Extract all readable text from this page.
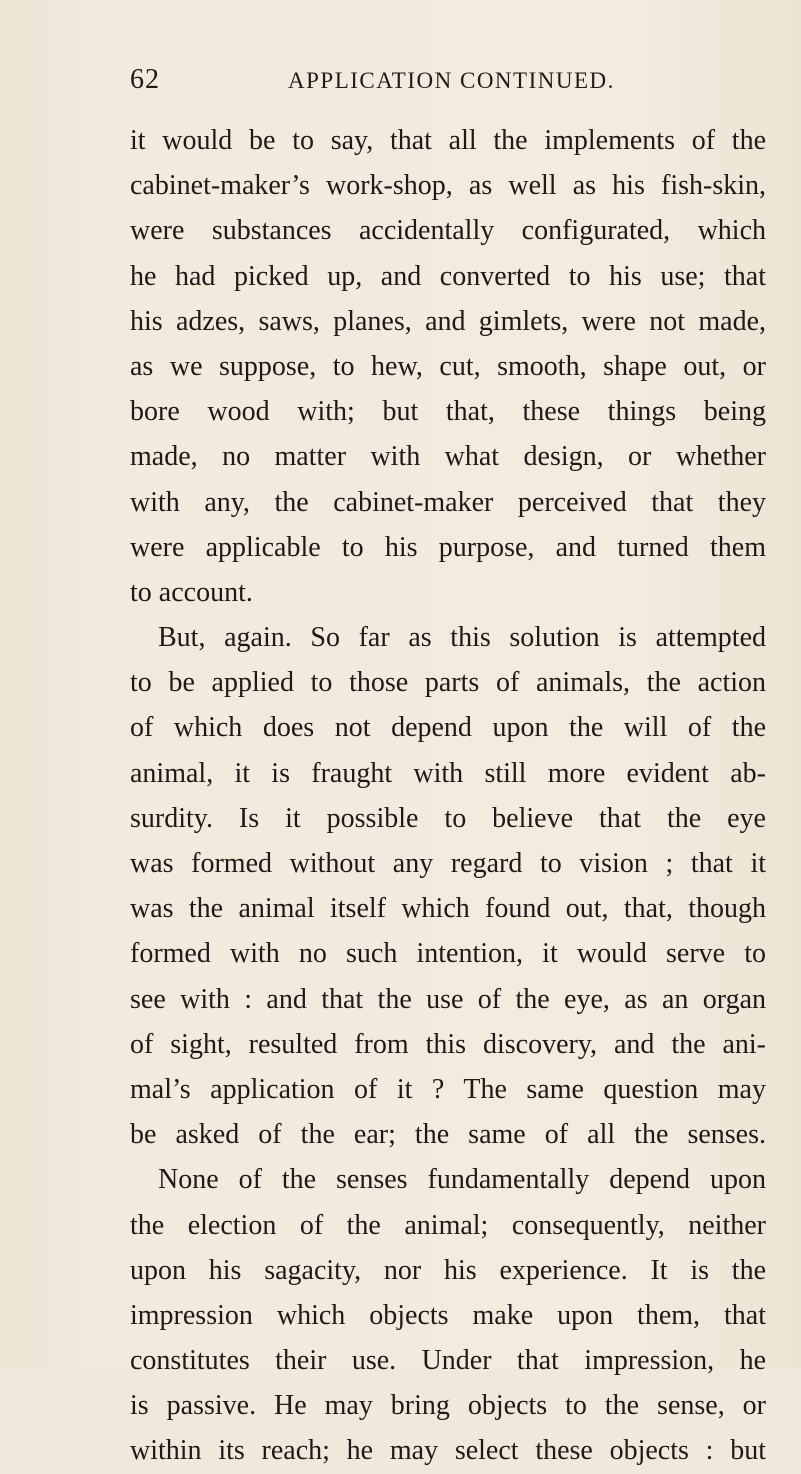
62	APPLICATION CONTINUED.
it would be to say, that all the implements of the
cabinet-maker’s work-shop, as well as his fish-skin,
were substances accidentally configurated, which
he had picked up, and converted to his use; that
his adzes, saws, planes, and gimlets, were not made,
as we suppose, to hew, cut, smooth, shape out, or
bore wood with; but that, these things being
made, no matter with what design, or whether
with any, the cabinet-maker perceived that they
were applicable to his purpose, and turned them
to account.
But, again. So far as this solution is attempted
to be applied to those parts of animals, the action
of which does not depend upon the will of the
animal, it is fraught with still more evident ab-
surdity. Is it possible to believe that the eye
was formed without any regard to vision ; that it
was the animal itself which found out, that, though
formed with no such intention, it would serve to
see with : and that the use of the eye, as an organ
of sight, resulted from this discovery, and the ani-
mal’s application of it ? The same question may
be asked of the ear; the same of all the senses.
None of the senses fundamentally depend upon
the election of the animal; consequently, neither
upon his sagacity, nor his experience. It is the
impression which objects make upon them, that
constitutes their use. Under that impression, he
is passive. He may bring objects to the sense, or
within its reach; he may select these objects : but
